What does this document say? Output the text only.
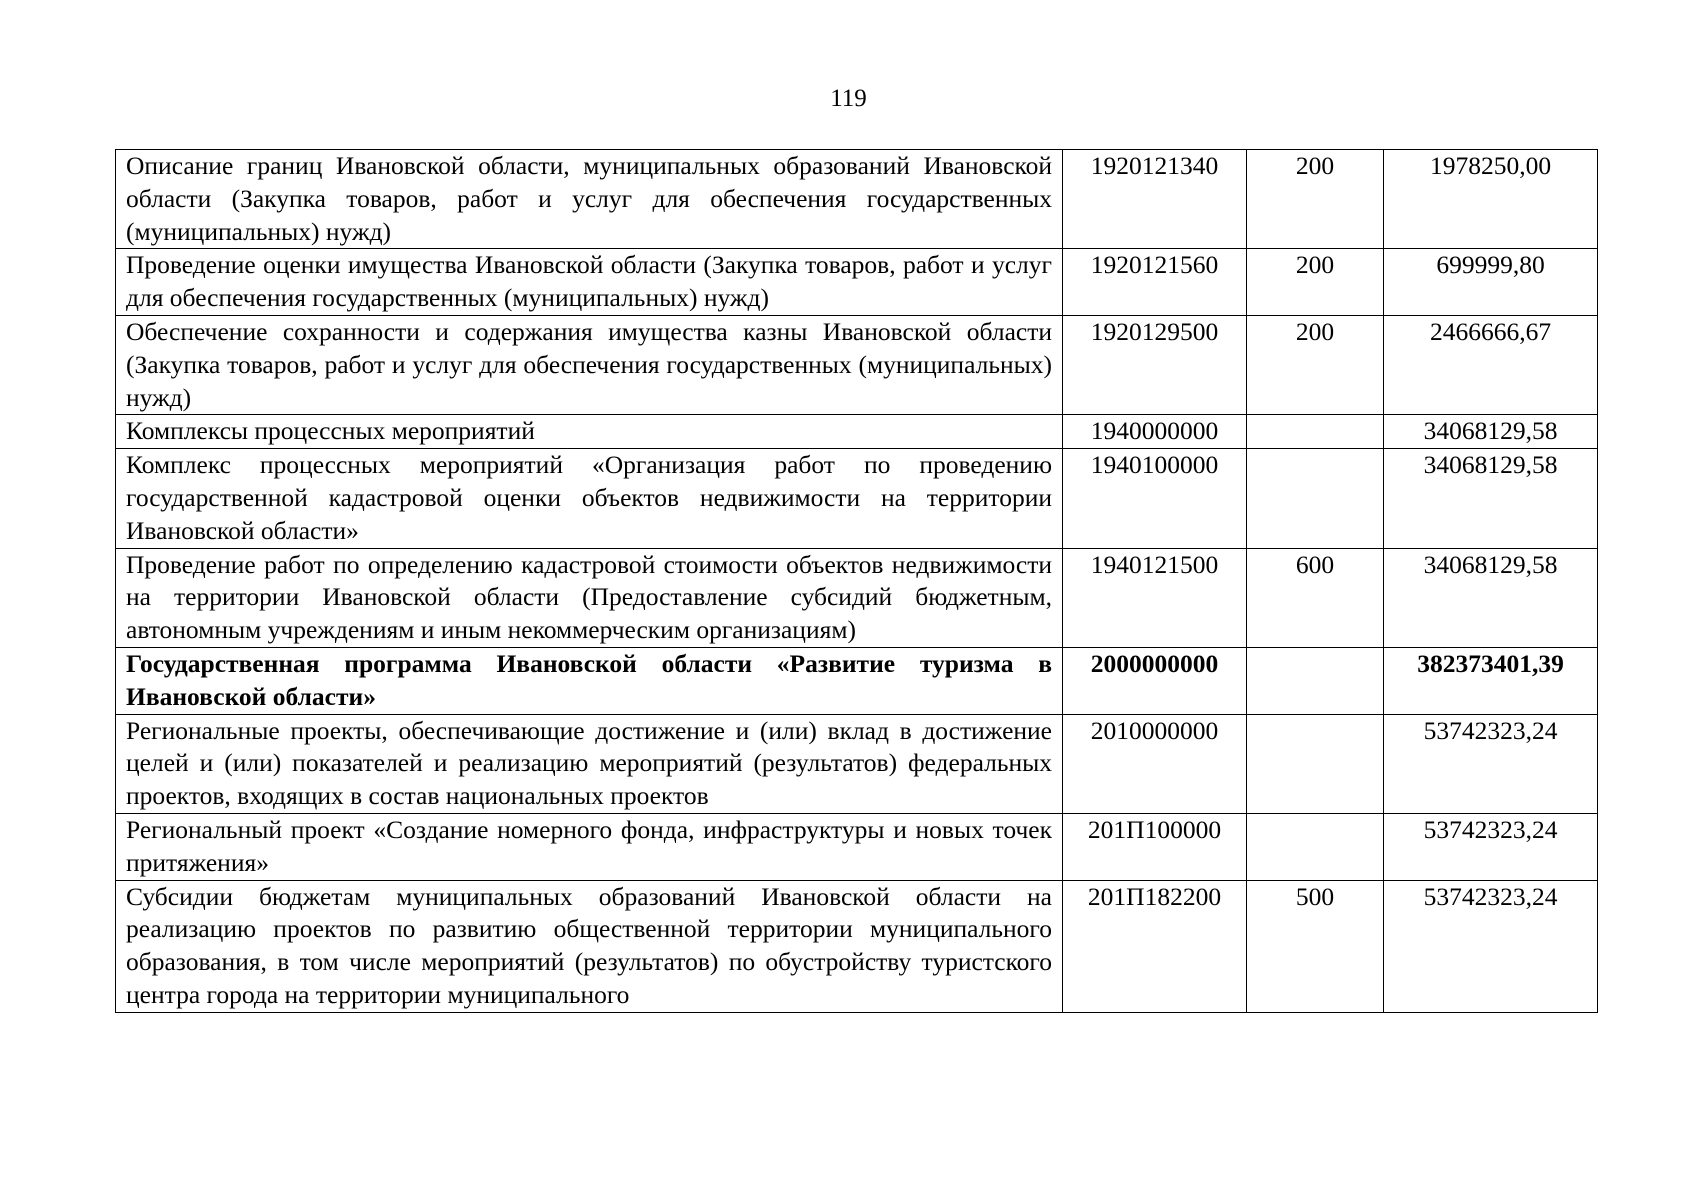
119
Описание границ Ивановской области, муниципальных образований Ивановской области (Закупка товаров, работ и услуг для обеспечения государственных (муниципальных) нужд)	1920121340	200	1978250,00
Проведение оценки имущества Ивановской области (Закупка товаров, работ и услуг для обеспечения государственных (муниципальных) нужд)	1920121560	200	699999,80
Обеспечение сохранности и содержания имущества казны Ивановской области (Закупка товаров, работ и услуг для обеспечения государственных (муниципальных) нужд)	1920129500	200	2466666,67
Комплексы процессных мероприятий	1940000000		34068129,58
Комплекс процессных мероприятий «Организация работ по проведению государственной кадастровой оценки объектов недвижимости на территории Ивановской области»	1940100000		34068129,58
Проведение работ по определению кадастровой стоимости объектов недвижимости на территории Ивановской области (Предоставление субсидий бюджетным, автономным учреждениям и иным некоммерческим организациям)	1940121500	600	34068129,58
Государственная программа Ивановской области «Развитие туризма в Ивановской области»	2000000000		382373401,39
Региональные проекты, обеспечивающие достижение и (или) вклад в достижение целей и (или) показателей и реализацию мероприятий (результатов) федеральных проектов, входящих в состав национальных проектов	2010000000		53742323,24
Региональный проект «Создание номерного фонда, инфраструктуры и новых точек притяжения»	201П100000		53742323,24
Субсидии бюджетам муниципальных образований Ивановской области на реализацию проектов по развитию общественной территории муниципального образования, в том числе мероприятий (результатов) по обустройству туристского центра города на территории муниципального	201П182200	500	53742323,24
